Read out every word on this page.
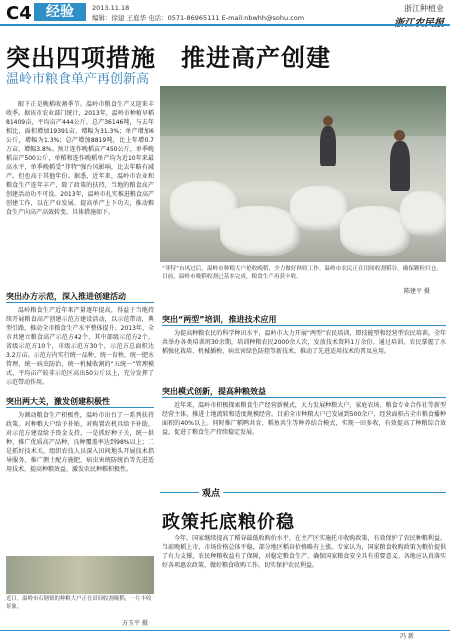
C4	经验	2013.11.18
编辑：徐建 王庭华 电话：0571-86965111 E-mail:nbwhh@sohu.com
浙江种植业
突出四项措施　推进高产创建
温岭市粮食单产再创新高

眼下正是晚稻收割季节。温岭市粮食生产又迎来丰收季。据该市农业部门统计，2013年，温岭市种植早稻81409亩，平均亩产444公斤，总产36146吨，与去年相比，面积增加19391亩，增幅为31.3%；单产增加6公斤，增幅为1.3%；总产增加8819吨，比上年增0.7万亩，增幅3.8%。预计连作晚稻亩产450公斤，单季晚稻亩产500公斤，单稻和连作晚稻单产均为近10年来最高水平，单季晚稻受“菲特”强台风影响，比去年略有减产。但也高于其他年份。据悉，近年来，温岭市农业和粮食生产连年丰产，除了政策的扶持，当地的粮食高产创建活动功不可没。2013年，温岭市扎实推进粮食高产创建工作，以在产业发展、提高单产上下功夫，推动粮食生产向高产高效转变。具体措施如下。

“菲特”台风过后，温岭市种粮大户抢收晚稻，全力做好秋收工作。温岭市农民正在田间收割稻谷，确保颗粒归仓。目前，温岭市晚稻收割已基本完成，粮食生产再获丰收。
陈建平 摄
突出办方示范，深入推进创建活动

温岭粮食生产近年来产量逐年提高，得益于当地持续开展粮食高产创建示范方建设活动，以示范带动，典型引路，推动全市粮食生产水平整体提升。2013年，全市共建立粮食高产示范方42个，其中部级示范方2个，省级示范方10个，市级示范方30个，示范方总面积达3.2万亩。示范方内实行统一品种、统一育秧、统一肥水管理、统一病虫防治、统一机械收割的“五统一”管理模式，平均亩产较非示范区高出50公斤以上，充分发挥了示范带动作用。

突出两大关，激发创建积极性

为调动粮食生产积极性，温岭市出台了一系列扶持政策。对种粮大户给予补贴，对购置农机具给予补助，对示范方建设给予资金支持。一是抓好种子关，统一供种，推广优质高产品种，良种覆盖率达到98%以上；二是抓好技术关，组织农技人员深入田间地头开展技术指导服务，推广测土配方施肥、病虫害统防统治等先进适用技术，提高种粮效益，激发农民种粮积极性。

突出“两型”培训，推进技术应用

为提高种粮农民的科学种田水平，温岭市大力开展“两型”农民培训，即技能型和经营型农民培训。全年共举办各类培训班30余期，培训种粮农民2000余人次，发放技术资料1万余份。通过培训，农民掌握了水稻强化栽培、机械插秧、病虫害绿色防控等新技术，推动了先进适用技术的普及应用。

突出模式创新，提高种粮效益

近年来，温岭市积极探索粮食生产经营新模式，大力发展种粮大户、家庭农场、粮食专业合作社等新型经营主体，推进土地流转和适度规模经营。目前全市种粮大户已发展到500余户，经营面积占全市粮食播种面积的40%以上。同时推广稻鸭共育、稻鱼共生等种养结合模式，实现一田多收，有效提高了种粮综合效益，促进了粮食生产持续稳定发展。

观点
政策托底粮价稳

今年，国家继续提高了稻谷最低收购价水平，在主产区实施托市收购政策，有效保护了农民种粮利益。当前晚稻上市，市场价格总体平稳，部分地区稻谷价格略有上涨。专家认为，国家粮食收购政策为粮价提供了有力支撑，农民种粮收益有了保障，对稳定粮食生产、确保国家粮食安全具有重要意义。各地应认真落实好各项惠农政策，做好粮食收购工作，切实保护农民利益。

近日，温岭市石塘镇的种粮大户正在田间收割晚稻，一片丰收景象。
方玉平 摄
冯 新
